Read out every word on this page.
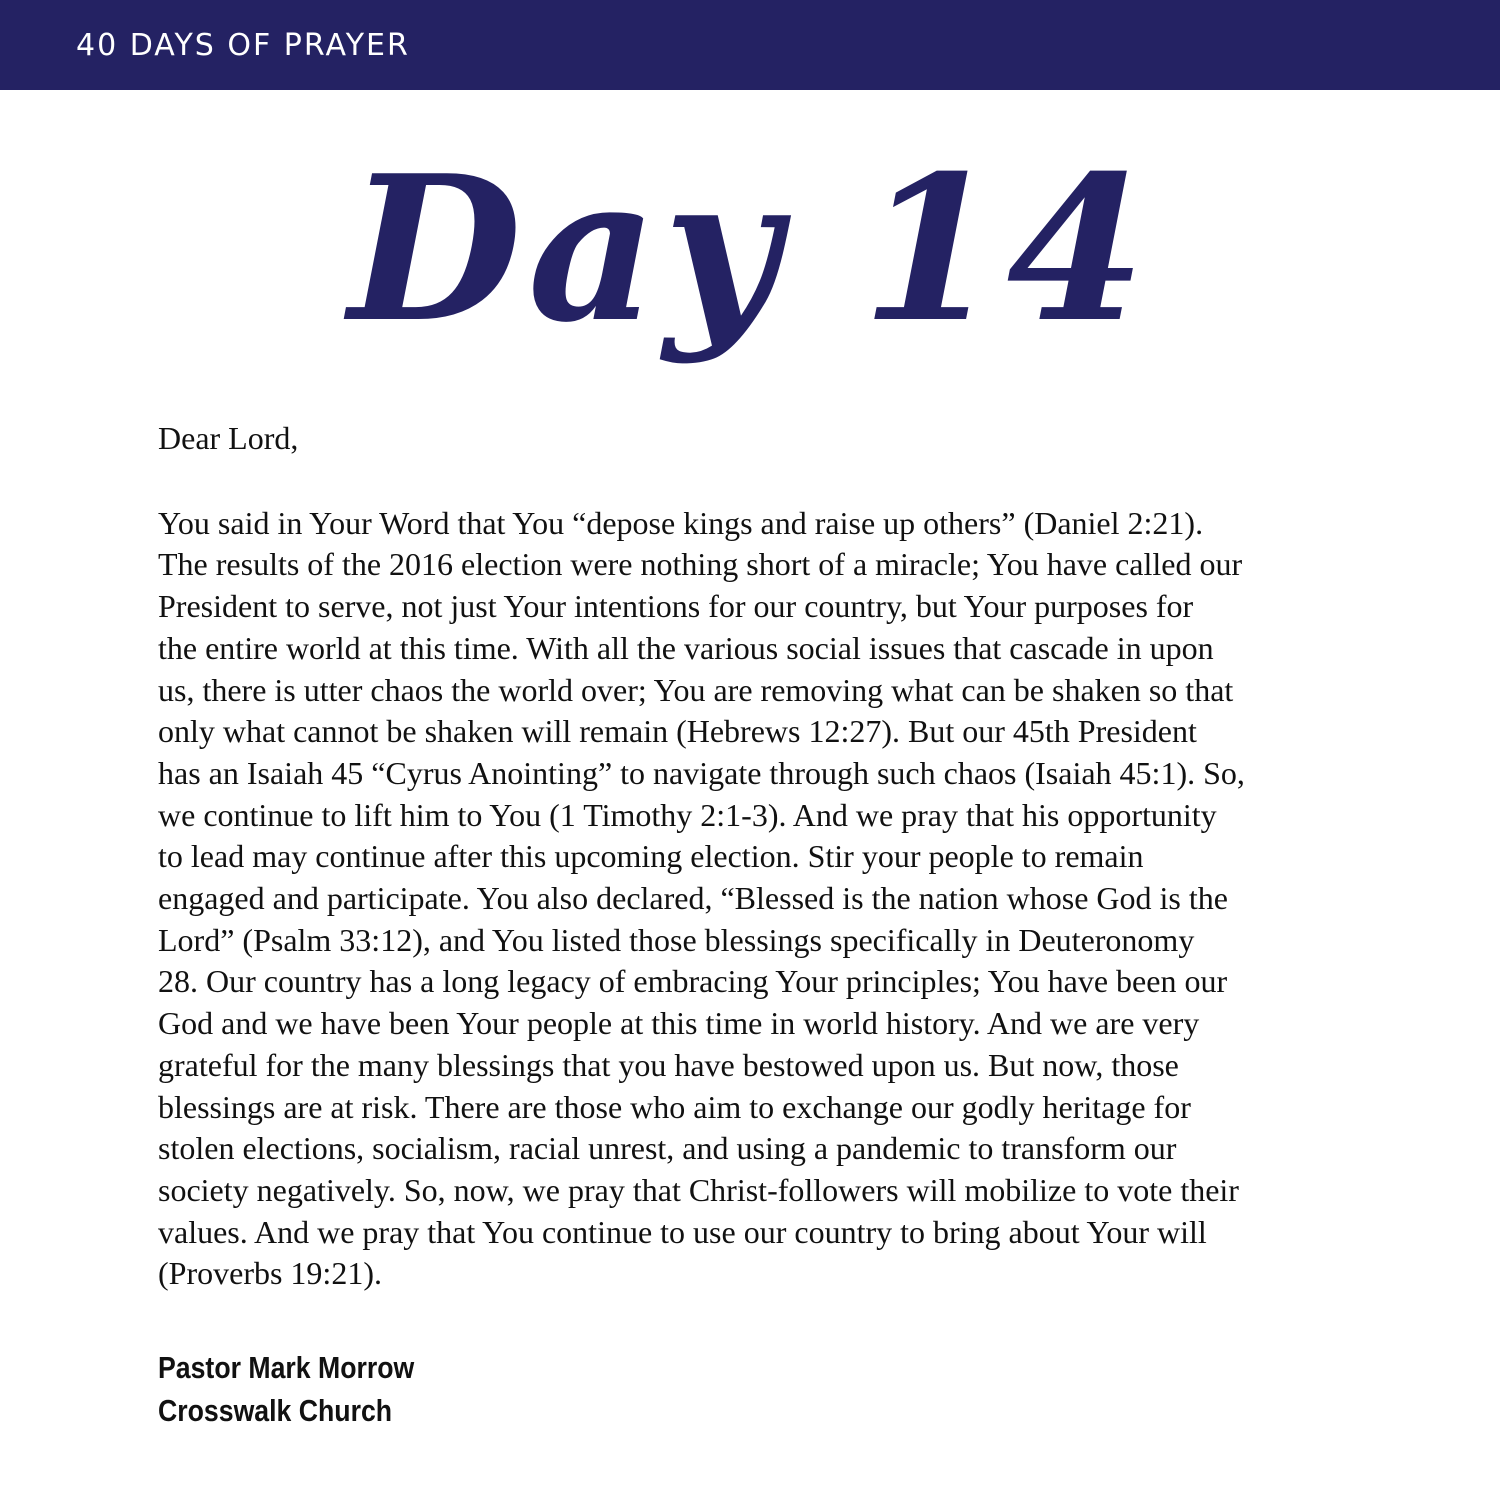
40 DAYS OF PRAYER
Day 14
Dear Lord,
You said in Your Word that You “depose kings and raise up others” (Daniel 2:21).
The results of the 2016 election were nothing short of a miracle; You have called our
President to serve, not just Your intentions for our country, but Your purposes for
the entire world at this time. With all the various social issues that cascade in upon
us, there is utter chaos the world over; You are removing what can be shaken so that
only what cannot be shaken will remain (Hebrews 12:27). But our 45th President
has an Isaiah 45 “Cyrus Anointing” to navigate through such chaos (Isaiah 45:1). So,
we continue to lift him to You (1 Timothy 2:1-3). And we pray that his opportunity
to lead may continue after this upcoming election. Stir your people to remain
engaged and participate. You also declared, “Blessed is the nation whose God is the
Lord” (Psalm 33:12), and You listed those blessings specifically in Deuteronomy
28. Our country has a long legacy of embracing Your principles; You have been our
God and we have been Your people at this time in world history. And we are very
grateful for the many blessings that you have bestowed upon us. But now, those
blessings are at risk. There are those who aim to exchange our godly heritage for
stolen elections, socialism, racial unrest, and using a pandemic to transform our
society negatively. So, now, we pray that Christ-followers will mobilize to vote their
values. And we pray that You continue to use our country to bring about Your will
(Proverbs 19:21).
Pastor Mark Morrow
Crosswalk Church
